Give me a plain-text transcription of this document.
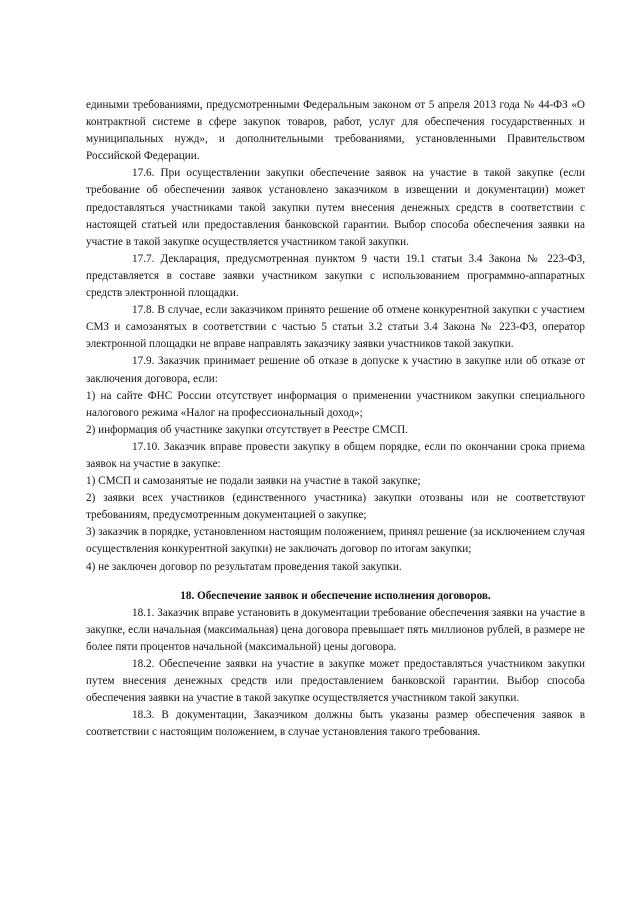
едиными требованиями, предусмотренными Федеральным законом от 5 апреля 2013 года № 44-ФЗ «О контрактной системе в сфере закупок товаров, работ, услуг для обеспечения государственных и муниципальных нужд», и дополнительными требованиями, установленными Правительством Российской Федерации.

17.6. При осуществлении закупки обеспечение заявок на участие в такой закупке (если требование об обеспечении заявок установлено заказчиком в извещении и документации) может предоставляться участниками такой закупки путем внесения денежных средств в соответствии с настоящей статьей или предоставления банковской гарантии. Выбор способа обеспечения заявки на участие в такой закупке осуществляется участником такой закупки.

17.7. Декларация, предусмотренная пунктом 9 части 19.1 статьи 3.4 Закона № 223-ФЗ, представляется в составе заявки участником закупки с использованием программно-аппаратных средств электронной площадки.

17.8. В случае, если заказчиком принято решение об отмене конкурентной закупки с участием СМЗ и самозанятых в соответствии с частью 5 статьи 3.2 статьи 3.4 Закона № 223-ФЗ, оператор электронной площадки не вправе направлять заказчику заявки участников такой закупки.

17.9. Заказчик принимает решение об отказе в допуске к участию в закупке или об отказе от заключения договора, если:

1) на сайте ФНС России отсутствует информация о применении участником закупки специального налогового режима «Налог на профессиональный доход»;

2) информация об участнике закупки отсутствует в Реестре СМСП.

17.10. Заказчик вправе провести закупку в общем порядке, если по окончании срока приема заявок на участие в закупке:

1) СМСП и самозанятые не подали заявки на участие в такой закупке;

2) заявки всех участников (единственного участника) закупки отозваны или не соответствуют требованиям, предусмотренным документацией о закупке;

3) заказчик в порядке, установленном настоящим положением, принял решение (за исключением случая осуществления конкурентной закупки) не заключать договор по итогам закупки;

4) не заключен договор по результатам проведения такой закупки.

18. Обеспечение заявок и обеспечение исполнения договоров.

18.1. Заказчик вправе установить в документации требование обеспечения заявки на участие в закупке, если начальная (максимальная) цена договора превышает пять миллионов рублей, в размере не более пяти процентов начальной (максимальной) цены договора.

18.2. Обеспечение заявки на участие в закупке может предоставляться участником закупки путем внесения денежных средств или предоставлением банковской гарантии. Выбор способа обеспечения заявки на участие в такой закупке осуществляется участником такой закупки.

18.3. В документации, Заказчиком должны быть указаны размер обеспечения заявок в соответствии с настоящим положением, в случае установления такого требования.
